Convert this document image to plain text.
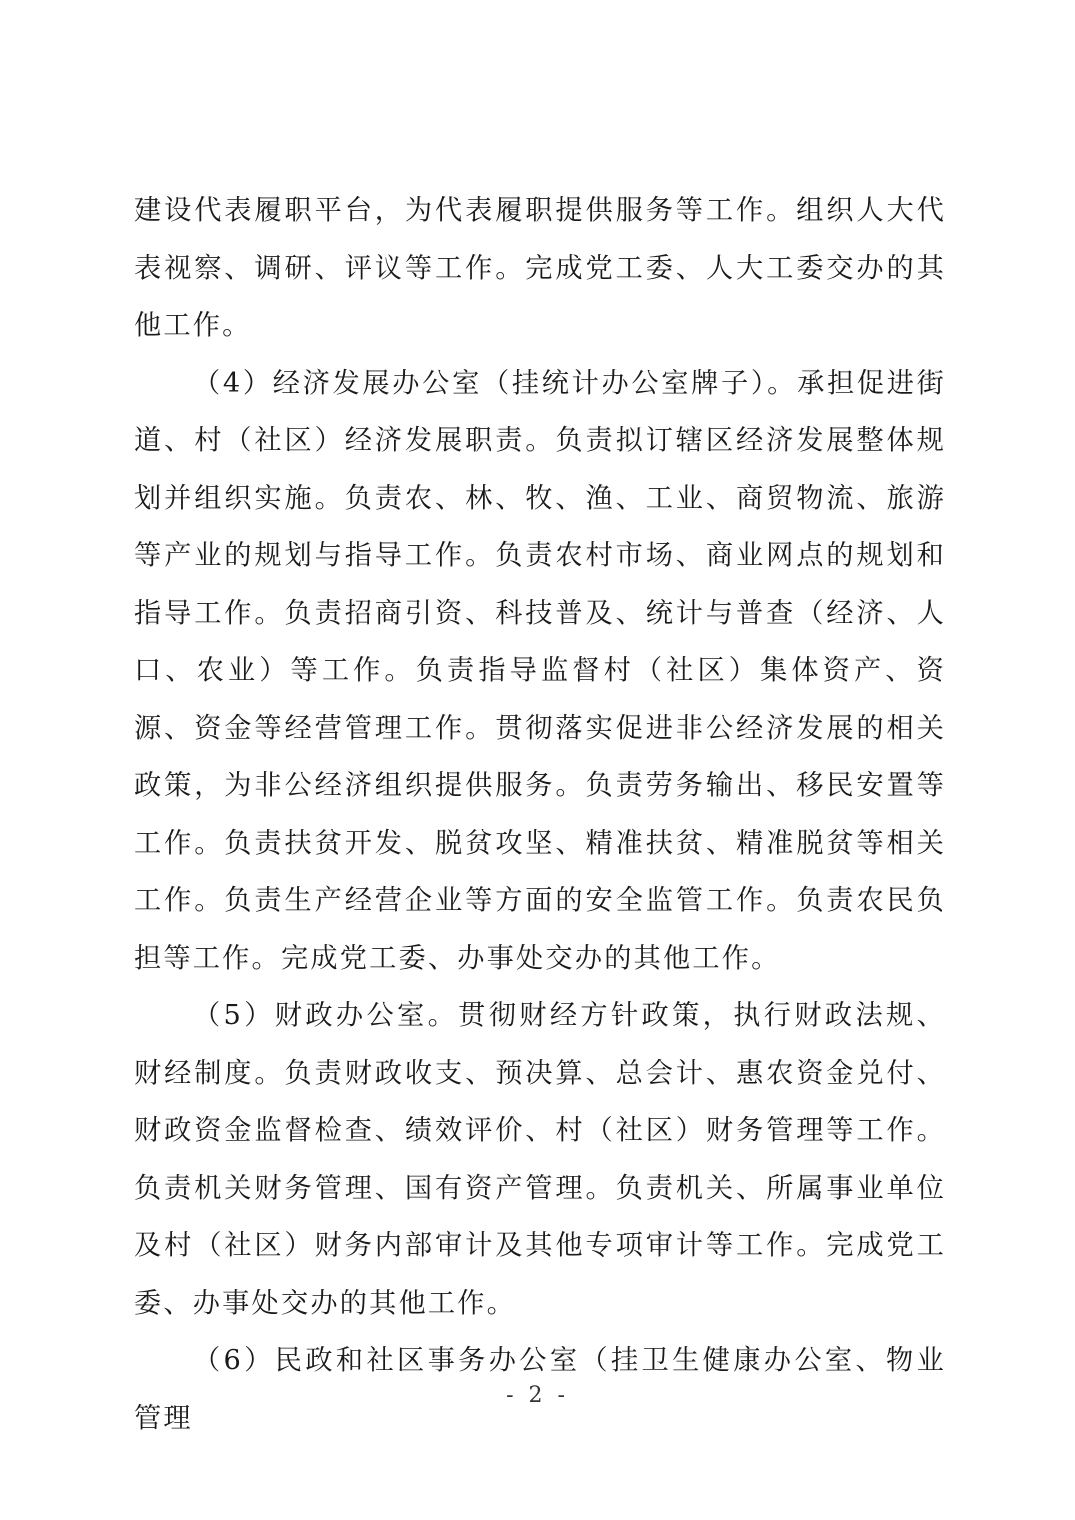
建设代表履职平台，为代表履职提供服务等工作。组织人大代表视察、调研、评议等工作。完成党工委、人大工委交办的其他工作。

（4）经济发展办公室（挂统计办公室牌子）。承担促进街道、村（社区）经济发展职责。负责拟订辖区经济发展整体规划并组织实施。负责农、林、牧、渔、工业、商贸物流、旅游等产业的规划与指导工作。负责农村市场、商业网点的规划和指导工作。负责招商引资、科技普及、统计与普查（经济、人口、农业）等工作。负责指导监督村（社区）集体资产、资源、资金等经营管理工作。贯彻落实促进非公经济发展的相关政策，为非公经济组织提供服务。负责劳务输出、移民安置等工作。负责扶贫开发、脱贫攻坚、精准扶贫、精准脱贫等相关工作。负责生产经营企业等方面的安全监管工作。负责农民负担等工作。完成党工委、办事处交办的其他工作。

（5）财政办公室。贯彻财经方针政策，执行财政法规、财经制度。负责财政收支、预决算、总会计、惠农资金兑付、财政资金监督检查、绩效评价、村（社区）财务管理等工作。负责机关财务管理、国有资产管理。负责机关、所属事业单位及村（社区）财务内部审计及其他专项审计等工作。完成党工委、办事处交办的其他工作。

（6）民政和社区事务办公室（挂卫生健康办公室、物业管理

- 2 -
